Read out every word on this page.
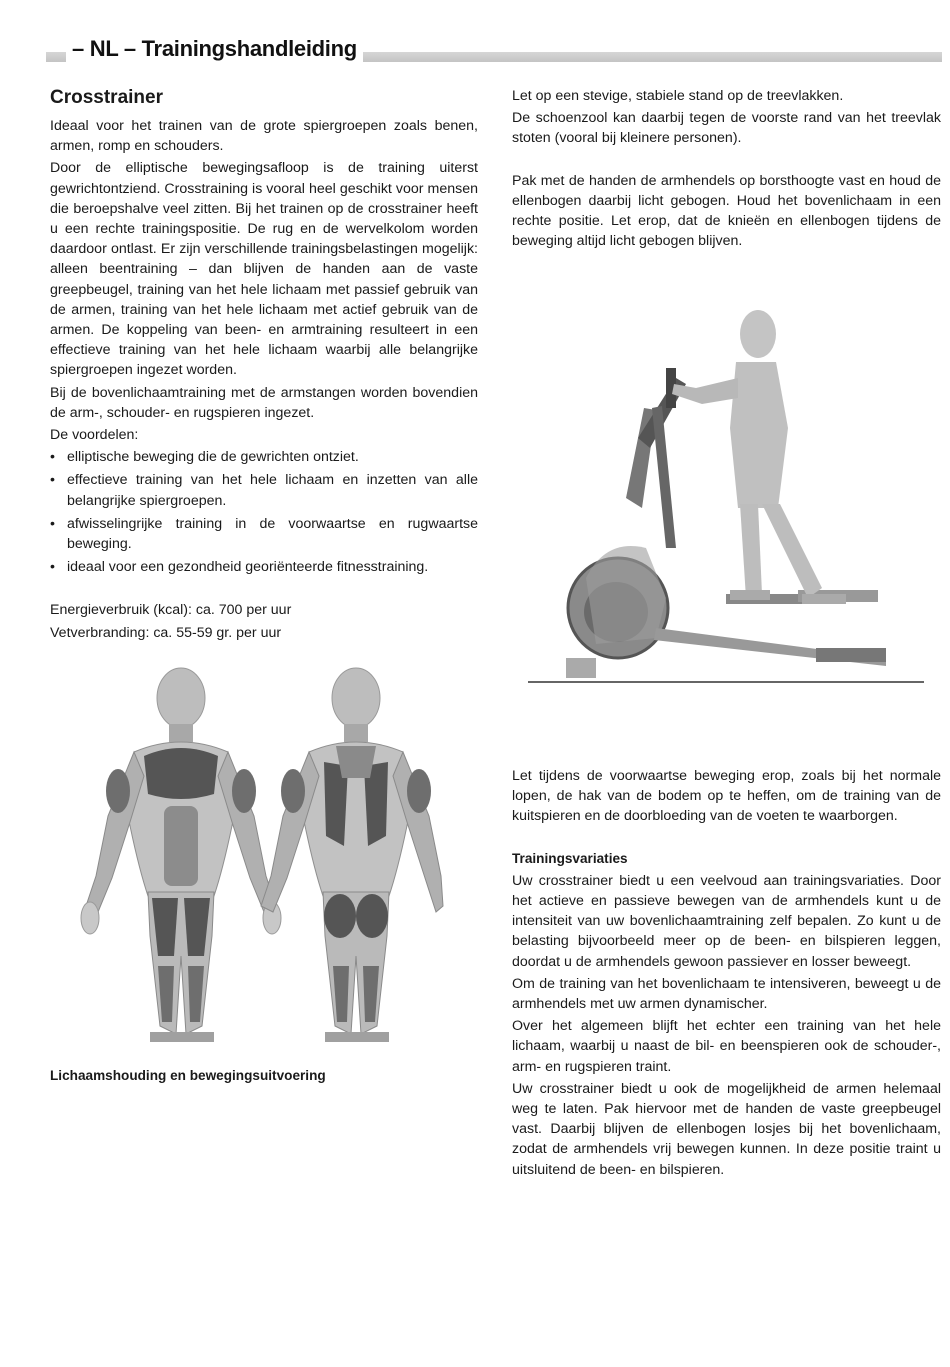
– NL – Trainingshandleiding
Crosstrainer

Ideaal voor het trainen van de grote spiergroepen zoals benen, armen, romp en schouders.

Door de elliptische bewegingsafloop is de training uiterst gewrichtontziend. Crosstraining is vooral heel geschikt voor mensen die beroepshalve veel zitten. Bij het trainen op de crosstrainer heeft u een rechte trainingspositie. De rug en de wervelkolom worden daardoor ontlast. Er zijn verschillende trainingsbelastingen mogelijk: alleen beentraining – dan blijven de handen aan de vaste greepbeugel, training van het hele lichaam met passief gebruik van de armen, training van het hele lichaam met actief gebruik van de armen. De koppeling van been- en armtraining resulteert in een effectieve training van het hele lichaam waarbij alle belangrijke spiergroepen ingezet worden.

Bij de bovenlichaamtraining met de armstangen worden bovendien de arm-, schouder- en rugspieren ingezet.

De voordelen:

• elliptische beweging die de gewrichten ontziet.
• effectieve training van het hele lichaam en inzetten van alle belangrijke spiergroepen.
• afwisselingrijke training in de voorwaartse en rugwaartse beweging.
• ideaal voor een gezondheid georiënteerde fitnesstraining.

Energieverbruik (kcal): ca. 700 per uur

Vetverbranding: ca. 55-59 gr. per uur

Lichaamshouding en bewegingsuitvoering

Let op een stevige, stabiele stand op de treevlakken.

De schoenzool kan daarbij tegen de voorste rand van het treevlak stoten (vooral bij kleinere personen).

Pak met de handen de armhendels op borsthoogte vast en houd de ellenbogen daarbij licht gebogen. Houd het bovenlichaam in een rechte positie. Let erop, dat de knieën en ellenbogen tijdens de beweging altijd licht gebogen blijven.

Let tijdens de voorwaartse beweging erop, zoals bij het normale lopen, de hak van de bodem op te heffen, om de training van de kuitspieren en de doorbloeding van de voeten te waarborgen.

Trainingsvariaties

Uw crosstrainer biedt u een veelvoud aan trainingsvariaties. Door het actieve en passieve bewegen van de armhendels kunt u de intensiteit van uw bovenlichaamtraining zelf bepalen. Zo kunt u de belasting bijvoorbeeld meer op de been- en bilspieren leggen, doordat u de armhendels gewoon passiever en losser beweegt.

Om de training van het bovenlichaam te intensiveren, beweegt u de armhendels met uw armen dynamischer.

Over het algemeen blijft het echter een training van het hele lichaam, waarbij u naast de bil- en beenspieren ook de schouder-, arm- en rugspieren traint.

Uw crosstrainer biedt u ook de mogelijkheid de armen helemaal weg te laten. Pak hiervoor met de handen de vaste greepbeugel vast. Daarbij blijven de ellenbogen losjes bij het bovenlichaam, zodat de armhendels vrij bewegen kunnen. In deze positie traint u uitsluitend de been- en bilspieren.
